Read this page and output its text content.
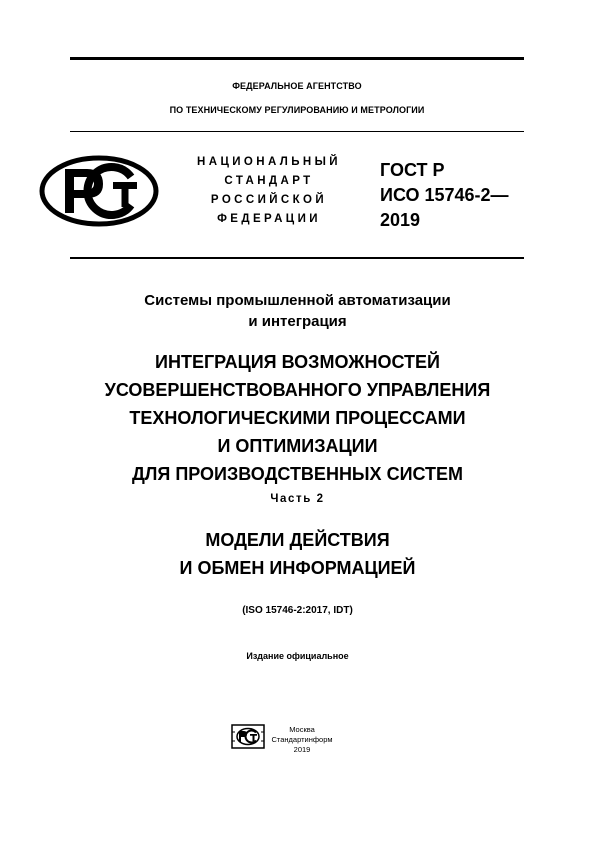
ФЕДЕРАЛЬНОЕ АГЕНТСТВО
ПО ТЕХНИЧЕСКОМУ РЕГУЛИРОВАНИЮ И МЕТРОЛОГИИ
НАЦИОНАЛЬНЫЙ
СТАНДАРТ
РОССИЙСКОЙ
ФЕДЕРАЦИИ
ГОСТ Р
ИСО 15746-2—
2019
Системы промышленной автоматизации
и интеграция
ИНТЕГРАЦИЯ ВОЗМОЖНОСТЕЙ
УСОВЕРШЕНСТВОВАННОГО УПРАВЛЕНИЯ
ТЕХНОЛОГИЧЕСКИМИ ПРОЦЕССАМИ
И ОПТИМИЗАЦИИ
ДЛЯ ПРОИЗВОДСТВЕННЫХ СИСТЕМ
Часть 2
МОДЕЛИ ДЕЙСТВИЯ
И ОБМЕН ИНФОРМАЦИЕЙ
(ISO 15746-2:2017, IDT)
Издание официальное
Москва
Стандартинформ
2019
